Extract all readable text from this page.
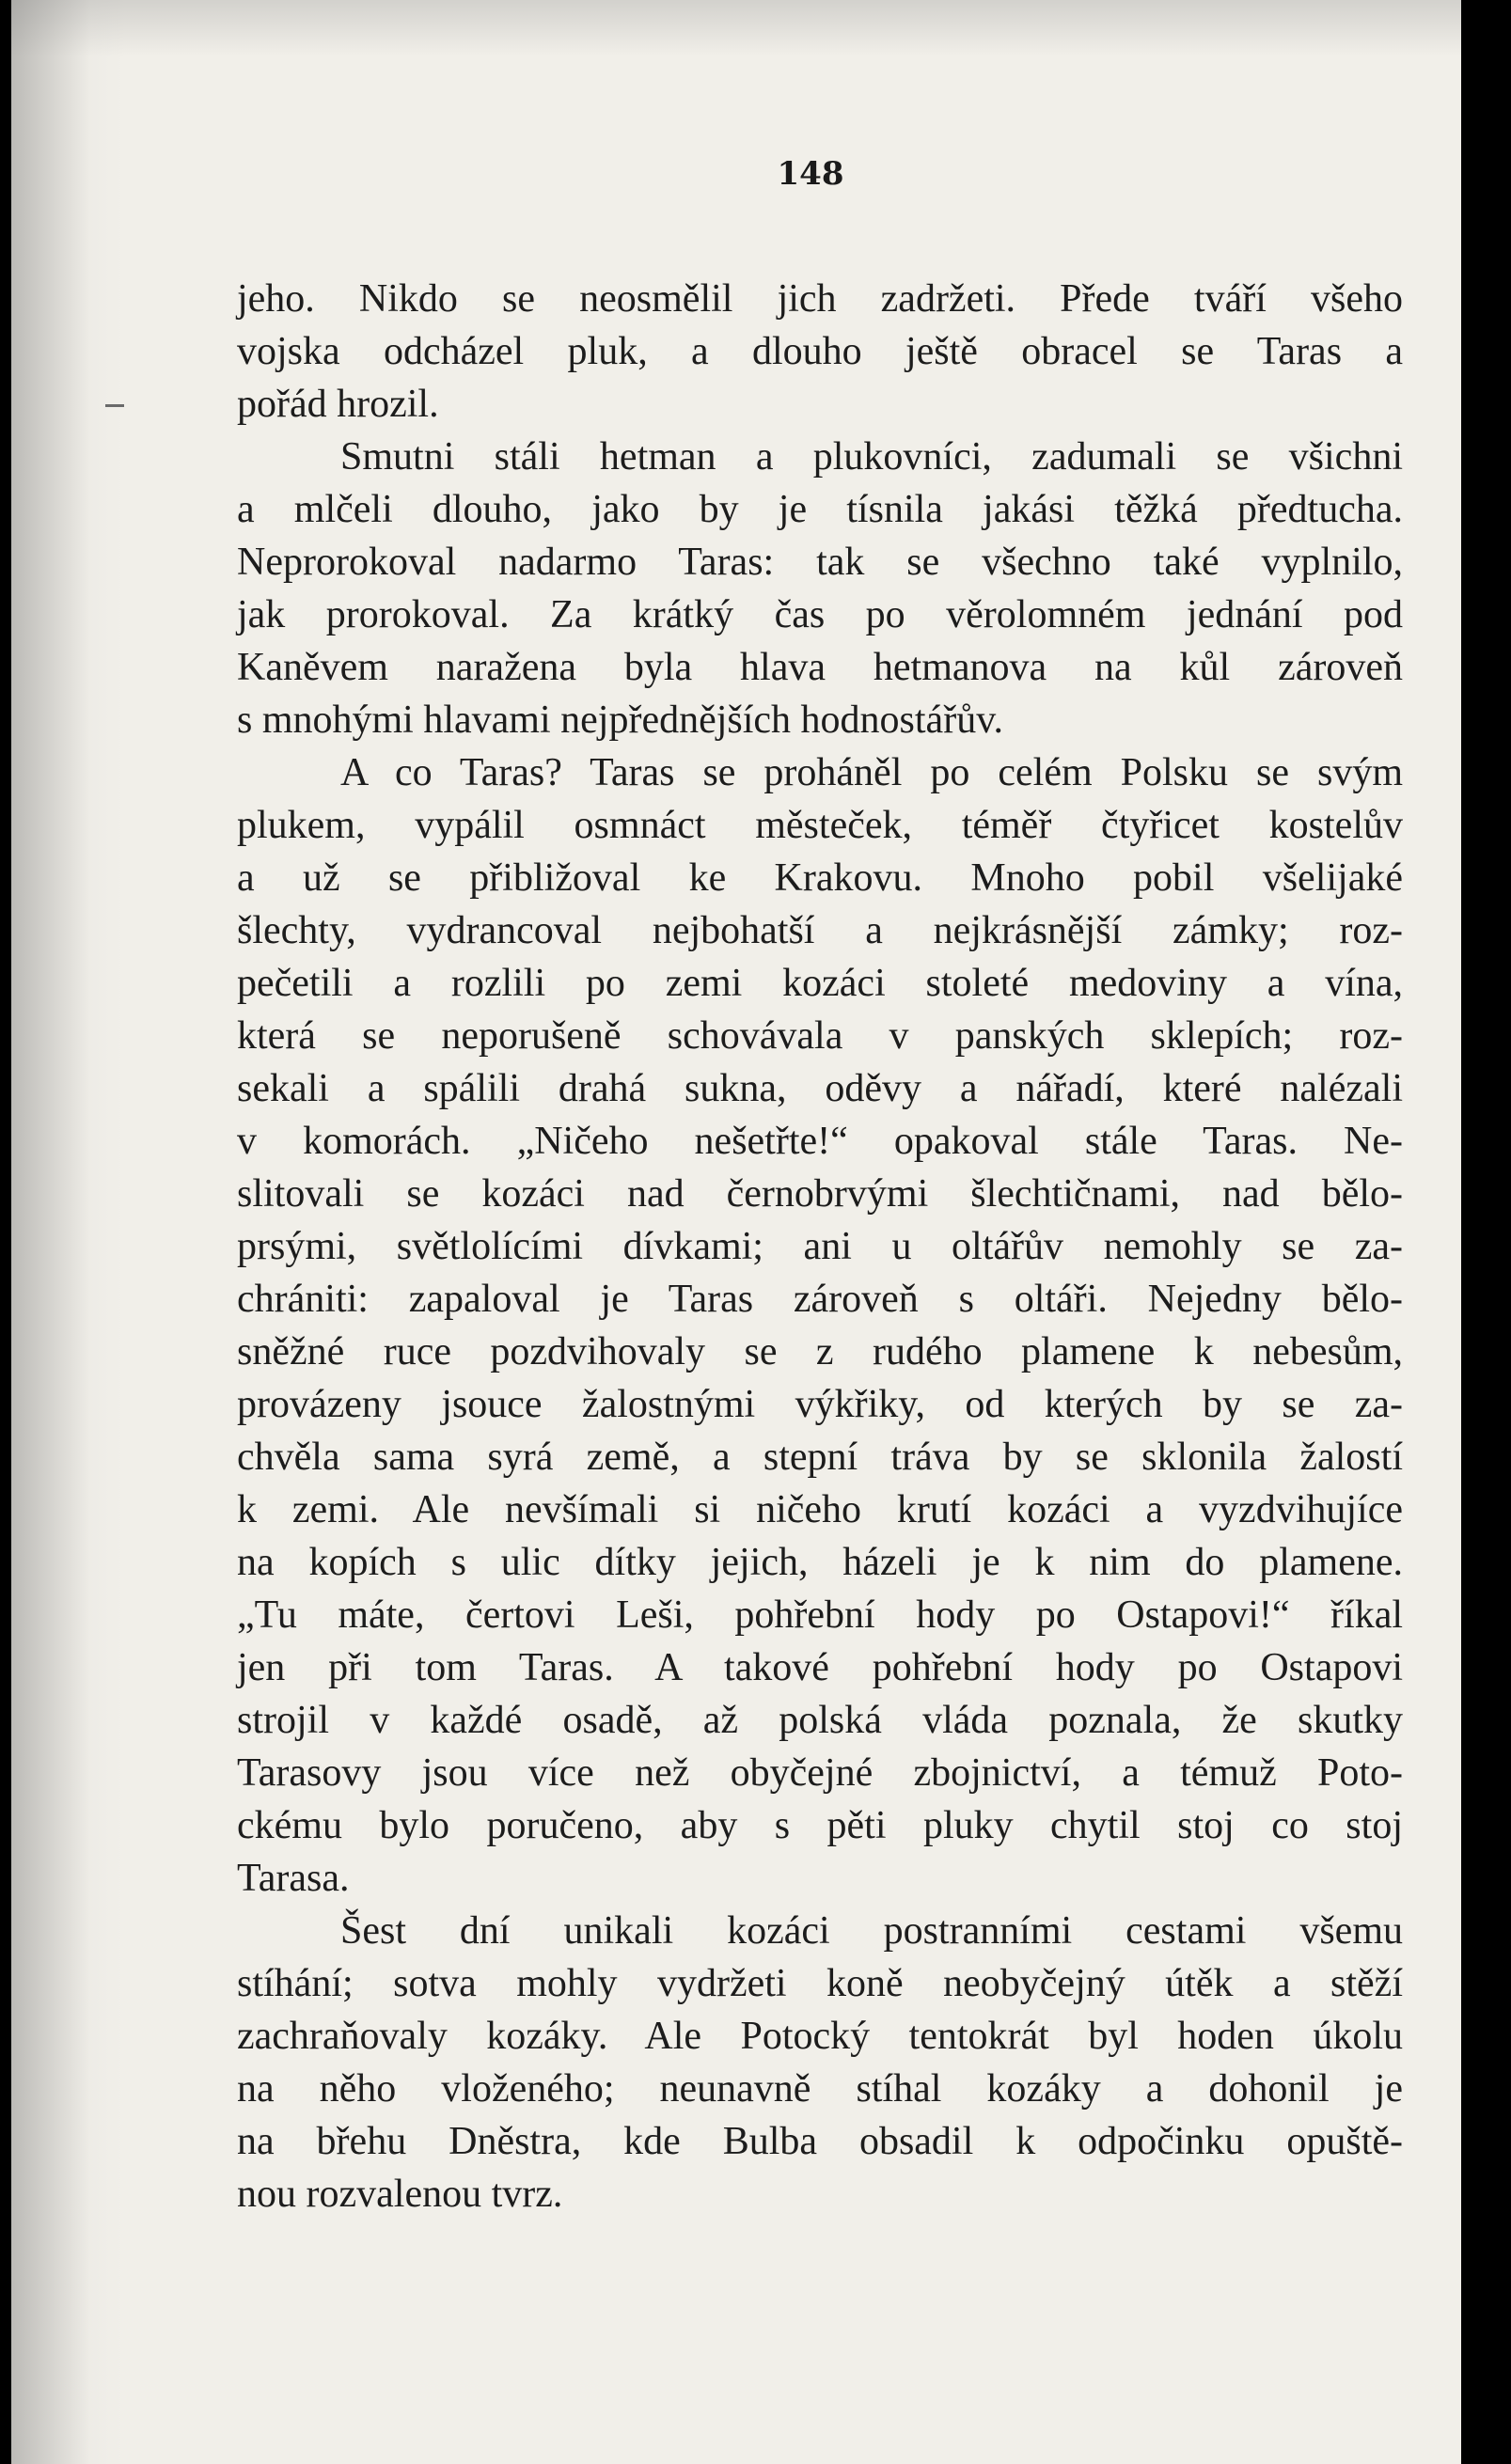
148
jeho. Nikdo se neosmělil jich zadržeti. Přede tváří všeho
vojska odcházel pluk, a dlouho ještě obracel se Taras a
pořád hrozil.
Smutni stáli hetman a plukovníci, zadumali se všichni
a mlčeli dlouho, jako by je tísnila jakási těžká předtucha.
Neprorokoval nadarmo Taras: tak se všechno také vyplnilo,
jak prorokoval. Za krátký čas po věrolomném jednání pod
Kaněvem naražena byla hlava hetmanova na kůl zároveň
s mnohými hlavami nejpřednějších hodnostářův.
A co Taras? Taras se proháněl po celém Polsku se svým
plukem, vypálil osmnáct městeček, téměř čtyřicet kostelův
a už se přibližoval ke Krakovu. Mnoho pobil všelijaké
šlechty, vydrancoval nejbohatší a nejkrásnější zámky; roz-
pečetili a rozlili po zemi kozáci stoleté medoviny a vína,
která se neporušeně schovávala v panských sklepích; roz-
sekali a spálili drahá sukna, oděvy a nářadí, které nalézali
v komorách. „Ničeho nešetřte!“ opakoval stále Taras. Ne-
slitovali se kozáci nad černobrvými šlechtičnami, nad bělo-
prsými, světlolícími dívkami; ani u oltářův nemohly se za-
chrániti: zapaloval je Taras zároveň s oltáři. Nejedny bělo-
sněžné ruce pozdvihovaly se z rudého plamene k nebesům,
provázeny jsouce žalostnými výkřiky, od kterých by se za-
chvěla sama syrá země, a stepní tráva by se sklonila žalostí
k zemi. Ale nevšímali si ničeho krutí kozáci a vyzdvihujíce
na kopích s ulic dítky jejich, házeli je k nim do plamene.
„Tu máte, čertovi Leši, pohřební hody po Ostapovi!“ říkal
jen při tom Taras. A takové pohřební hody po Ostapovi
strojil v každé osadě, až polská vláda poznala, že skutky
Tarasovy jsou více než obyčejné zbojnictví, a témuž Poto-
ckému bylo poručeno, aby s pěti pluky chytil stoj co stoj
Tarasa.
Šest dní unikali kozáci postranními cestami všemu
stíhání; sotva mohly vydržeti koně neobyčejný útěk a stěží
zachraňovaly kozáky. Ale Potocký tentokrát byl hoden úkolu
na něho vloženého; neunavně stíhal kozáky a dohonil je
na břehu Dněstra, kde Bulba obsadil k odpočinku opuště-
nou rozvalenou tvrz.
